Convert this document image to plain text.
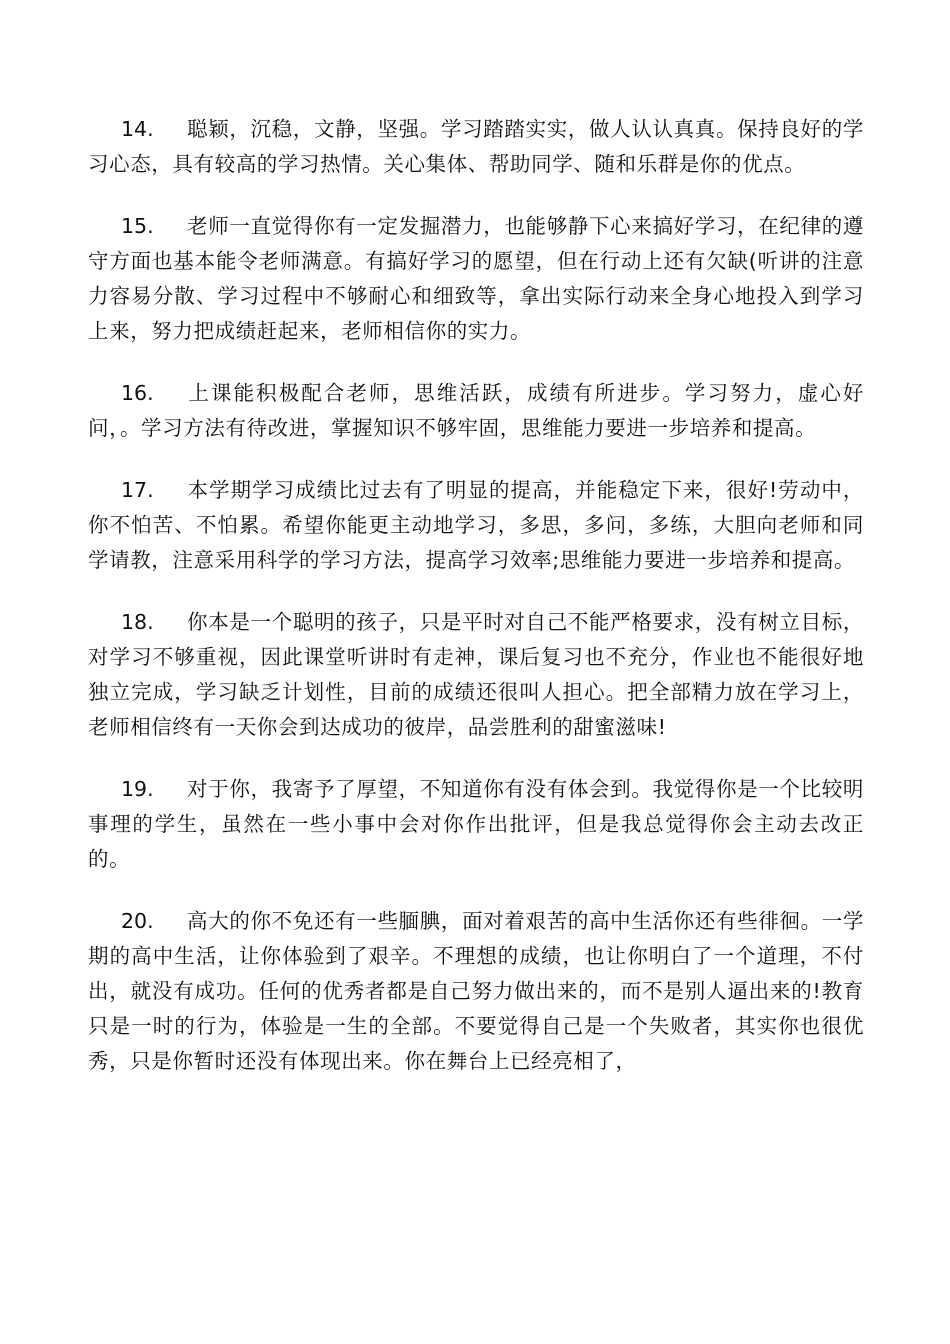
14. 聪颖，沉稳，文静，坚强。学习踏踏实实，做人认认真真。保持良好的学习心态，具有较高的学习热情。关心集体、帮助同学、随和乐群是你的优点。

15. 老师一直觉得你有一定发掘潜力，也能够静下心来搞好学习，在纪律的遵守方面也基本能令老师满意。有搞好学习的愿望，但在行动上还有欠缺(听讲的注意力容易分散、学习过程中不够耐心和细致等，拿出实际行动来全身心地投入到学习上来，努力把成绩赶起来，老师相信你的实力。

16. 上课能积极配合老师，思维活跃，成绩有所进步。学习努力，虚心好问，。学习方法有待改进，掌握知识不够牢固，思维能力要进一步培养和提高。

17. 本学期学习成绩比过去有了明显的提高，并能稳定下来，很好!劳动中，你不怕苦、不怕累。希望你能更主动地学习，多思，多问，多练，大胆向老师和同学请教，注意采用科学的学习方法，提高学习效率;思维能力要进一步培养和提高。

18. 你本是一个聪明的孩子，只是平时对自己不能严格要求，没有树立目标，对学习不够重视，因此课堂听讲时有走神，课后复习也不充分，作业也不能很好地独立完成，学习缺乏计划性，目前的成绩还很叫人担心。把全部精力放在学习上，老师相信终有一天你会到达成功的彼岸，品尝胜利的甜蜜滋味!

19. 对于你，我寄予了厚望，不知道你有没有体会到。我觉得你是一个比较明事理的学生，虽然在一些小事中会对你作出批评，但是我总觉得你会主动去改正的。

20. 高大的你不免还有一些腼腆，面对着艰苦的高中生活你还有些徘徊。一学期的高中生活，让你体验到了艰辛。不理想的成绩，也让你明白了一个道理，不付出，就没有成功。任何的优秀者都是自己努力做出来的，而不是别人逼出来的!教育只是一时的行为，体验是一生的全部。不要觉得自己是一个失败者，其实你也很优秀，只是你暂时还没有体现出来。你在舞台上已经亮相了，
